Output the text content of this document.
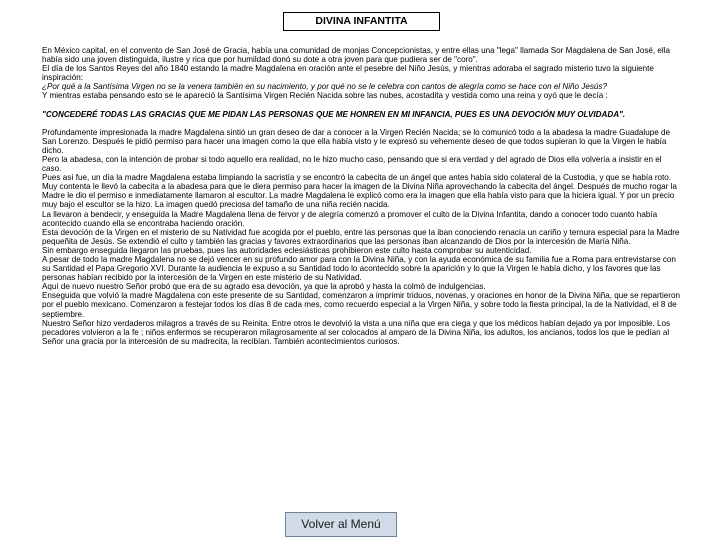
DIVINA INFANTITA

En México capital, en el convento de San José de Gracia, había una comunidad de monjas Concepcionistas, y entre ellas una "lega" llamada Sor Magdalena de San José, ella había sido una joven distinguida, ilustre y rica que por humildad donó su dote a otra joven para que pudiera ser de "coro".

El día de los Santos Reyes del año 1840 estando la madre Magdalena en oración ante el pesebre del Niño Jesús, y mientras adoraba el sagrado misterio tuvo la siguiente inspiración:

¿Por qué a la Santísima Virgen no se la venera también en su nacimiento, y por qué no se le celebra con cantos de alegría como se hace con el Niño Jesús?

Y mientras estaba pensando esto se le apareció la Santísima Virgen Recién Nacida sobre las nubes, acostadita y vestida como una reina y oyó que le decía :

"CONCEDERÉ TODAS LAS GRACIAS QUE ME PIDAN LAS PERSONAS QUE ME HONREN EN MI INFANCIA, PUES ES UNA DEVOCIÓN MUY OLVIDADA".

Profundamente impresionada la madre Magdalena sintió un gran deseo de dar a conocer a la Virgen Recién Nacida; se lo comunicó todo a la abadesa la madre Guadalupe de San Lorenzo. Después le pidió permiso para hacer una imagen como la que ella había visto y le expresó su vehemente deseo de que todos supieran lo que la Virgen le había dicho.

Pero la abadesa, con la intención de probar si todo aquello era realidad, no le hizo mucho caso, pensando que si era verdad y del agrado de Dios ella volvería a insistir en el caso.

Pues así fue, un día la madre Magdalena estaba limpiando la sacristía y se encontró la cabecita de un ángel que antes había sido colateral de la Custodia, y que se había roto. Muy contenta le llevó la cabecita a la abadesa para que le diera permiso para hacer la imagen de la Divina Niña aprovechando la cabecita del ángel. Después de mucho rogar la Madre le dio el permiso e inmediatamente llamaron al escultor. La madre Magdalena le explicó como era la imagen que ella había visto para que la hiciera igual. Y por un precio muy bajo el escultor se la hizo. La imagen quedó preciosa del tamaño de una niña recién nacida.

La llevaron a bendecir, y enseguida la Madre Magdalena llena de fervor y de alegría comenzó a promover el culto de la Divina Infantita, dando a conocer todo cuanto había acontecido cuando ella se encontraba haciendo oración.

Esta devoción de la Virgen en el misterio de su Natividad fue acogida por el pueblo, entre las personas que la iban conociendo renacía un cariño y ternura especial para la Madre pequeñita de Jesús. Se extendió el culto y también las gracias y favores extraordinarios que las personas iban alcanzando de Dios por la intercesión de María Niña.

Sin embargo enseguida llegaron las pruebas, pues las autoridades eclesiásticas prohibieron este culto hasta comprobar su autenticidad.

A pesar de todo la madre Magdalena no se dejó vencer en su profundo amor para con la Divina Niña, y con la ayuda económica de su familia fue a Roma para entrevistarse con su Santidad el Papa Gregorio XVI. Durante la audiencia le expuso a su Santidad todo lo acontecido sobre la aparición y lo que la Virgen le había dicho, y los favores que las personas habían recibido por la intercesión de la Virgen en este misterio de su Natividad.

Aquí de nuevo nuestro Señor probó que era de su agrado esa devoción, ya que la aprobó y hasta la colmó de indulgencias.

Enseguida que volvió la madre Magdalena con este presente de su Santidad, comenzaron a imprimir triduos, novenas, y oraciones en honor de la Divina Niña, que se repartieron por el pueblo mexicano. Comenzaron a festejar todos los días 8 de cada mes, como recuerdo especial a la Virgen Niña, y sobre todo la fiesta principal, la de la Natividad, el 8 de septiembre.

Nuestro Señor hizo verdaderos milagros a través de su Reinita. Entre otros le devolvió la vista a una niña que era ciega y que los médicos habían dejado ya por imposible. Los pecadores volvieron a la fe ; niños enfermos se recuperaron milagrosamente al ser colocados al amparo de la Divina Niña, los adultos, los ancianos, todos los que le pedían al Señor una gracia por la intercesión de su madrecita, la recibían. También acontecimientos curiosos.

Volver al Menú
